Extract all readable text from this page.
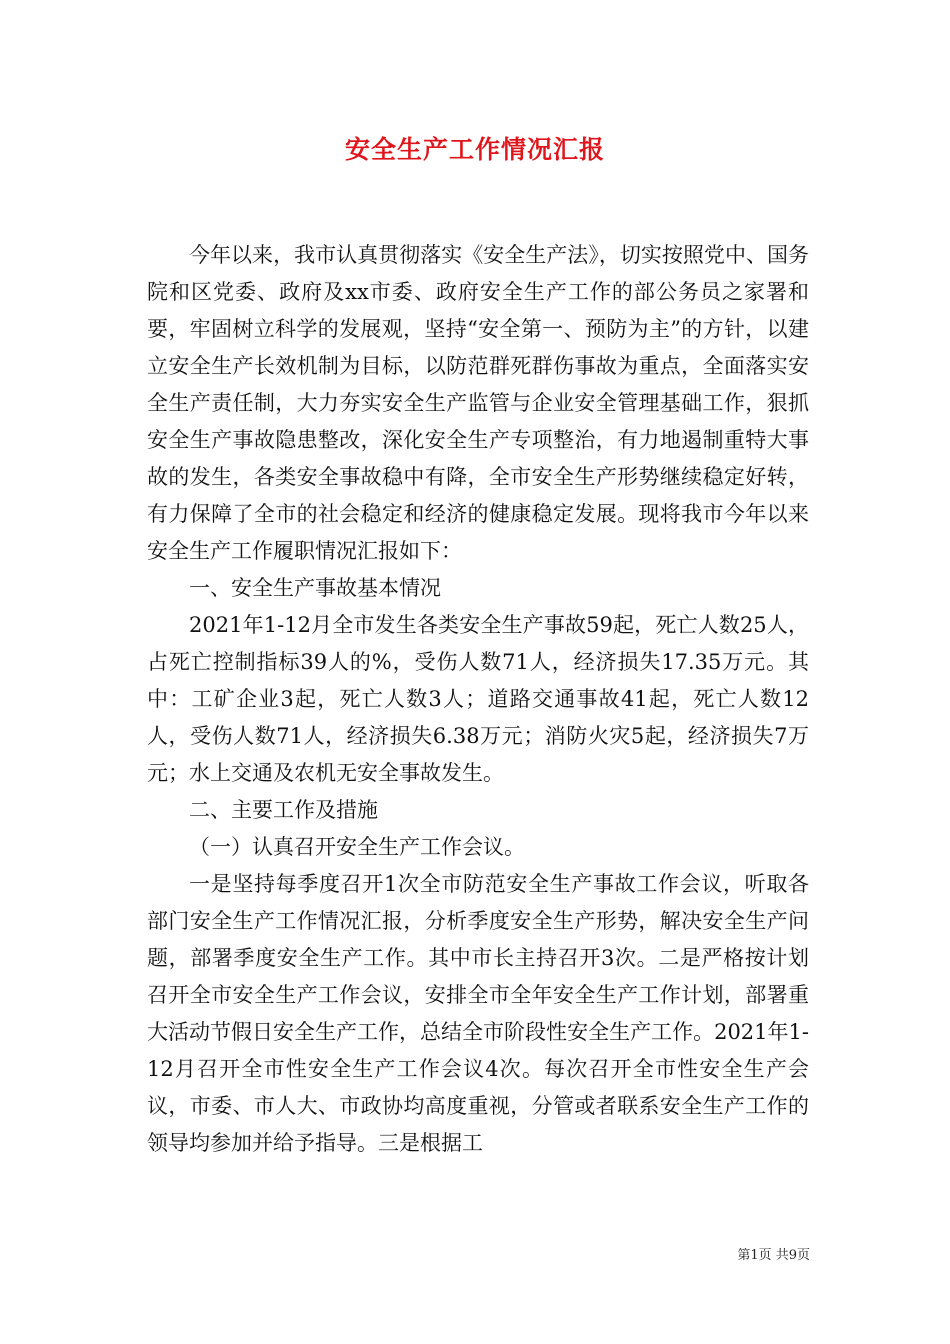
安全生产工作情况汇报

今年以来，我市认真贯彻落实《安全生产法》，切实按照党中、国务院和区党委、政府及xx市委、政府安全生产工作的部公务员之家署和要，牢固树立科学的发展观，坚持“安全第一、预防为主”的方针，以建立安全生产长效机制为目标，以防范群死群伤事故为重点，全面落实安全生产责任制，大力夯实安全生产监管与企业安全管理基础工作，狠抓安全生产事故隐患整改，深化安全生产专项整治，有力地遏制重特大事故的发生，各类安全事故稳中有降，全市安全生产形势继续稳定好转，有力保障了全市的社会稳定和经济的健康稳定发展。现将我市今年以来安全生产工作履职情况汇报如下：

一、安全生产事故基本情况

2021年1-12月全市发生各类安全生产事故59起，死亡人数25人，占死亡控制指标39人的%，受伤人数71人，经济损失17.35万元。其中：工矿企业3起，死亡人数3人；道路交通事故41起，死亡人数12人，受伤人数71人，经济损失6.38万元；消防火灾5起，经济损失7万元；水上交通及农机无安全事故发生。

二、主要工作及措施

（一）认真召开安全生产工作会议。

一是坚持每季度召开1次全市防范安全生产事故工作会议，听取各部门安全生产工作情况汇报，分析季度安全生产形势，解决安全生产问题，部署季度安全生产工作。其中市长主持召开3次。二是严格按计划召开全市安全生产工作会议，安排全市全年安全生产工作计划，部署重大活动节假日安全生产工作，总结全市阶段性安全生产工作。2021年1-12月召开全市性安全生产工作会议4次。每次召开全市性安全生产会议，市委、市人大、市政协均高度重视，分管或者联系安全生产工作的领导均参加并给予指导。三是根据工

第1页 共9页
